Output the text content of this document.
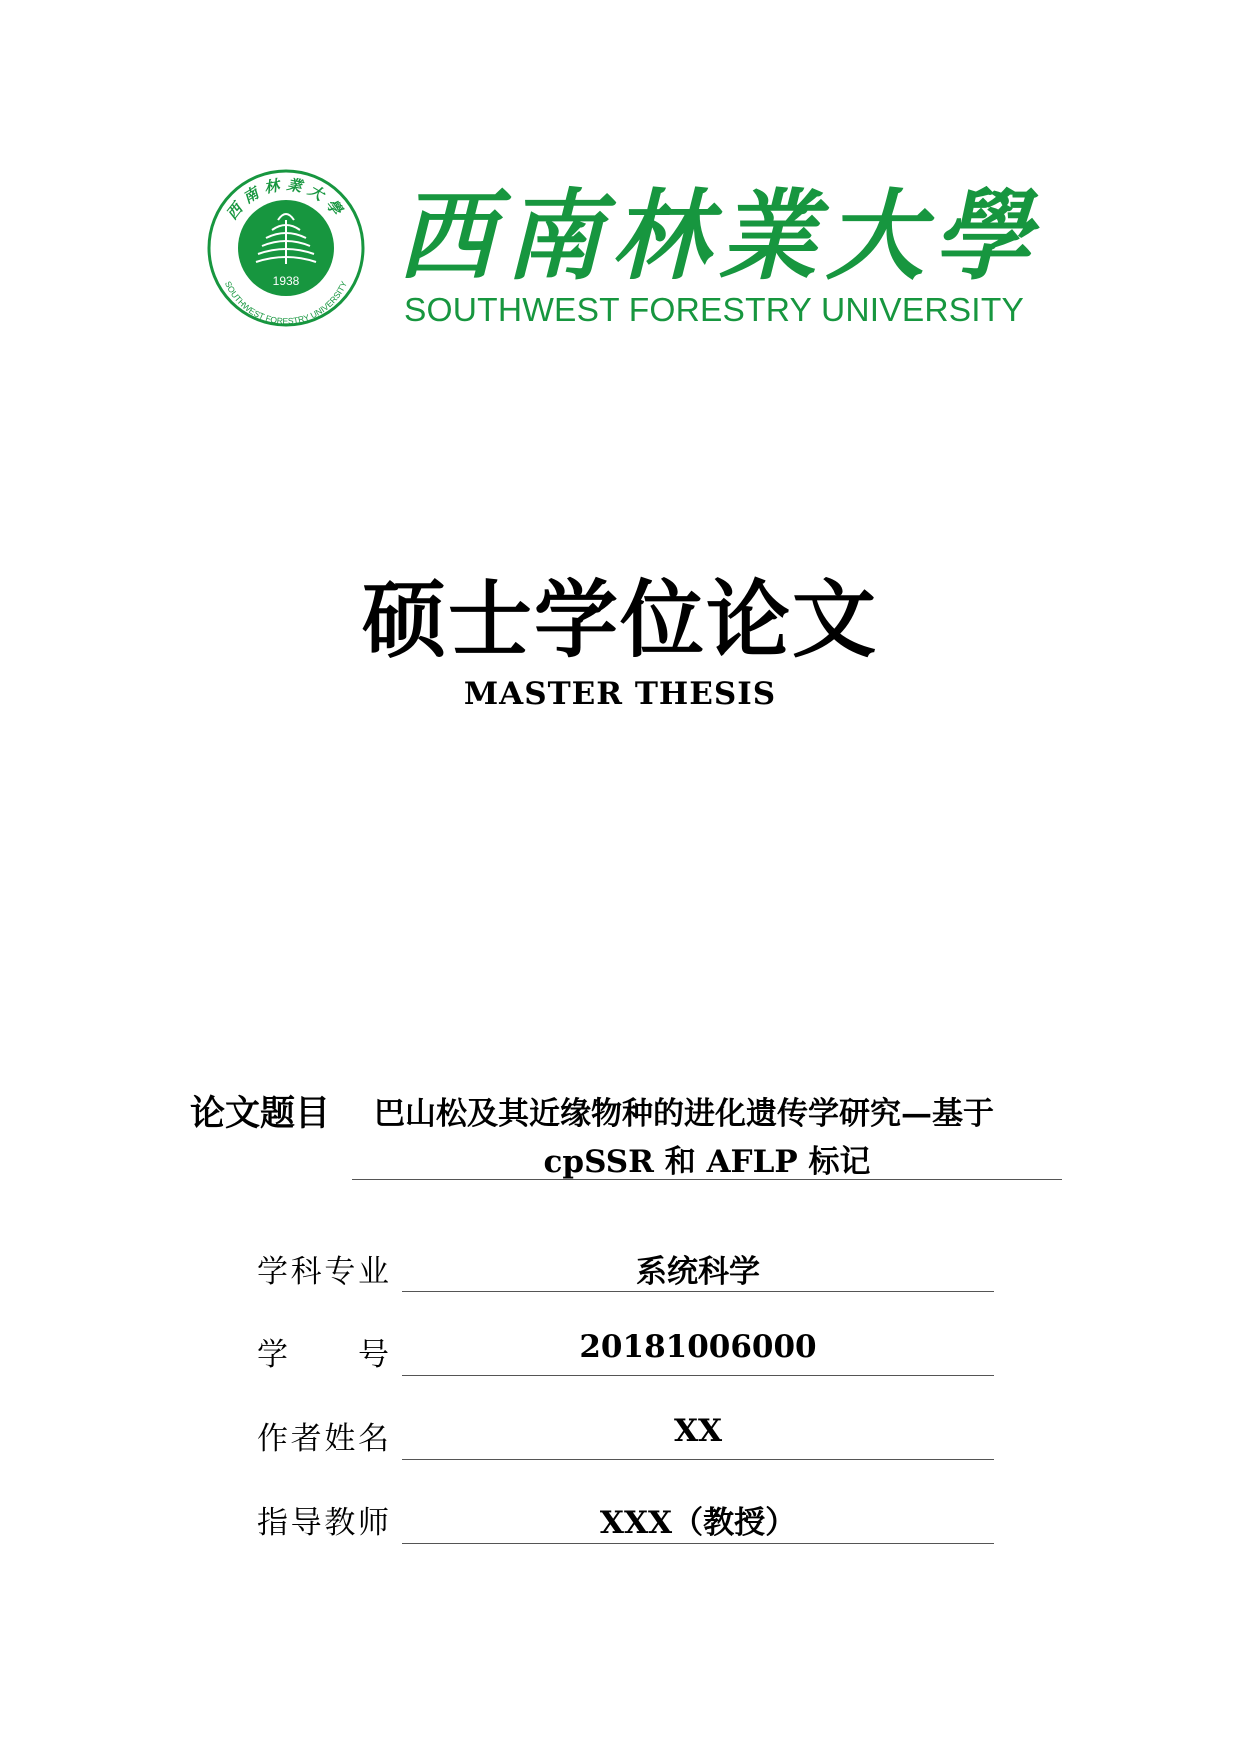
西南林業大學
SOUTHWEST FORESTRY UNIVERSITY
1938 西 南 林 業 大 學
SOUTHWEST FORESTRY UNIVERSITY
硕士学位论文
MASTER THESIS
论文题目 巴山松及其近缘物种的进化遗传学研究—基于
cpSSR 和 AFLP 标记
学科专业	系统科学
学　　号	20181006000
作者姓名	XX
指导教师	XXX（教授）
